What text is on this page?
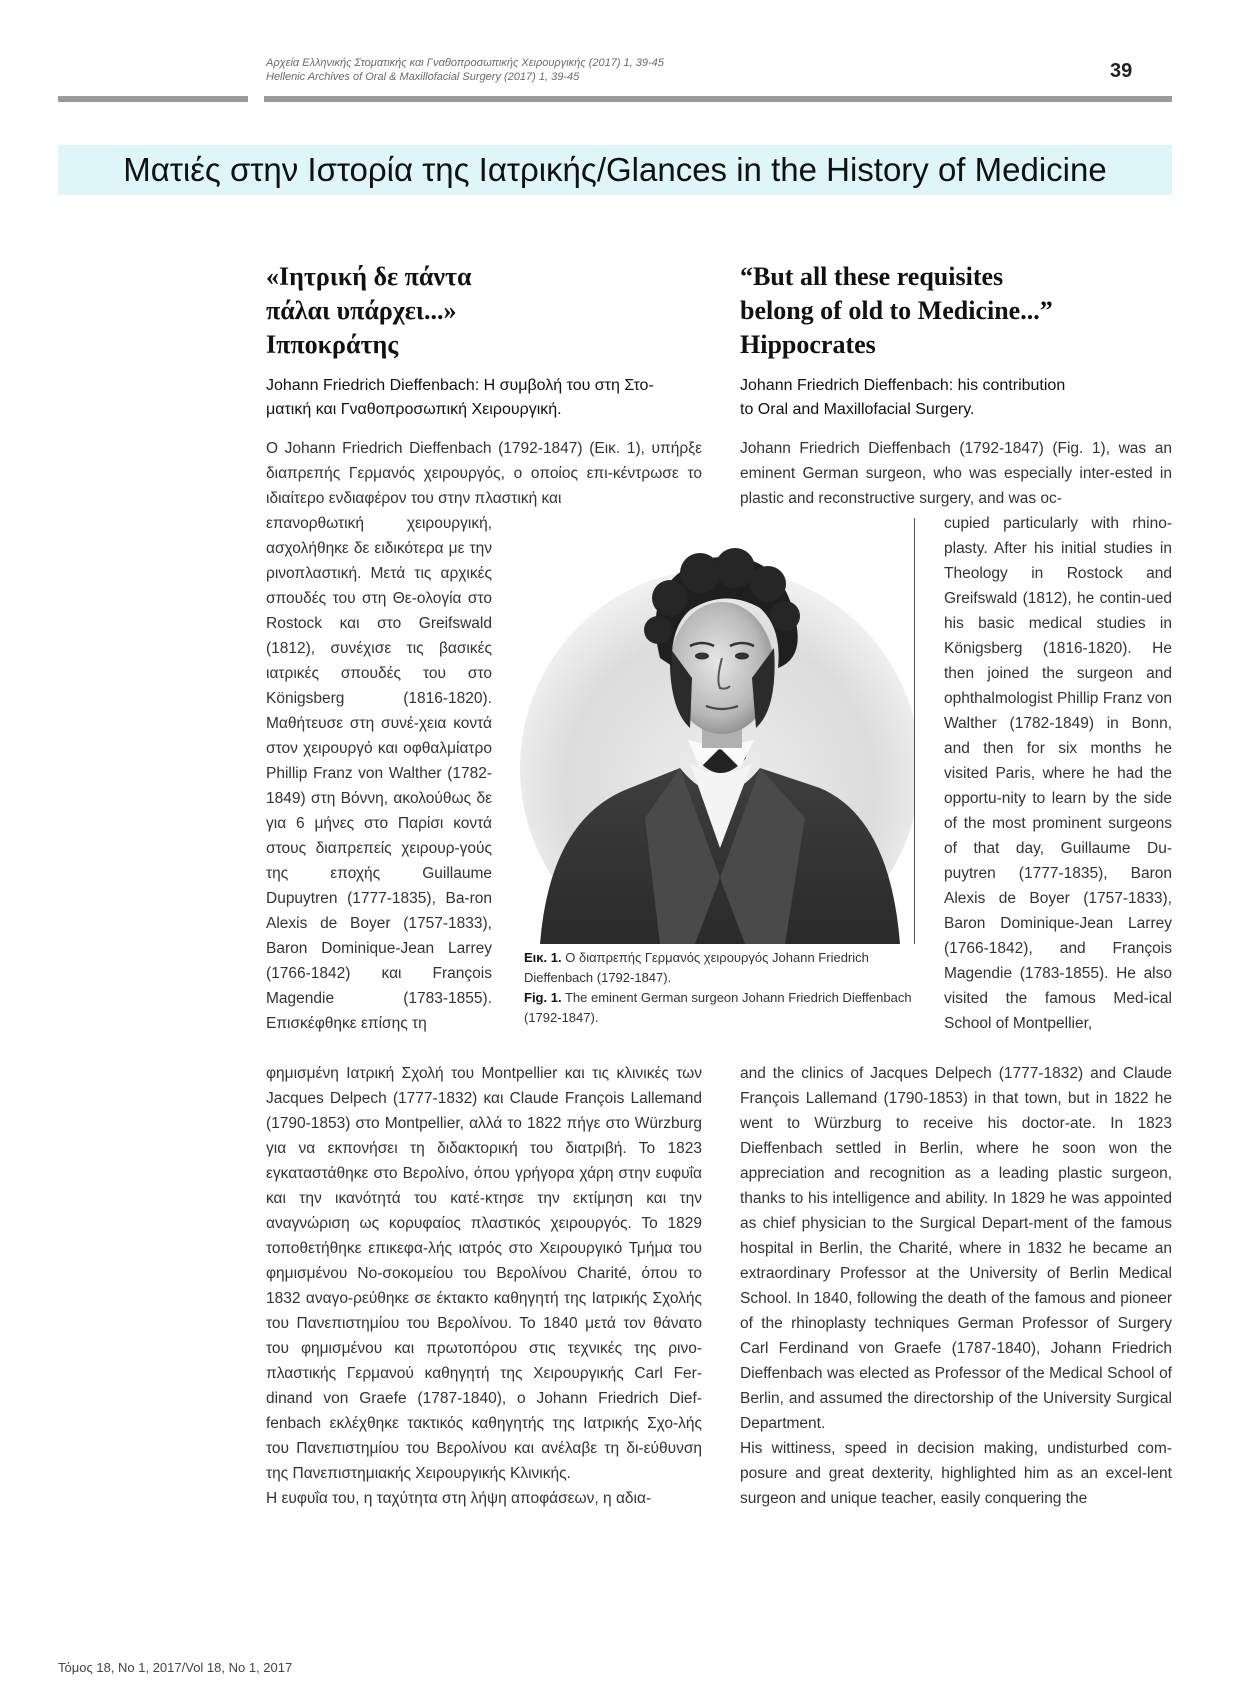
Αρχεία Ελληνικής Στοματικής και Γναθοπροσωπικής Χειρουργικής (2017) 1, 39-45
Hellenic Archives of Oral & Maxillofacial Surgery (2017) 1, 39-45	39
Ματιές στην Ιστορία της Ιατρικής/Glances in the History of Medicine
«Ιητρική δε πάντα
πάλαι υπάρχει...»
Ιπποκράτης
Johann Friedrich Dieffenbach: Η συμβολή του στη Στο-
ματική και Γναθοπροσωπική Χειρουργική.
“But all these requisites
belong of old to Medicine...”
Hippocrates
Johann Friedrich Dieffenbach: his contribution
to Oral and Maxillofacial Surgery.

Ο Johann Friedrich Dieffenbach (1792-1847) (Εικ. 1), υπήρξε διαπρεπής Γερμανός χειρουργός, ο οποίος επι-κέντρωσε το ιδιαίτερο ενδιαφέρον του στην πλαστική και

επανορθωτική χειρουργική, ασχολήθηκε δε ειδικότερα με την ρινοπλαστική. Μετά τις αρχικές σπουδές του στη Θε-ολογία στο Rostock και στο Greifswald (1812), συνέχισε τις βασικές ιατρικές σπουδές του στο Königsberg (1816-1820). Μαθήτευσε στη συνέ-χεια κοντά στον χειρουργό και οφθαλμίατρο Phillip Franz von Walther (1782-1849) στη Βόννη, ακολούθως δε για 6 μήνες στο Παρίσι κοντά στους διαπρεπείς χειρουρ-γούς της εποχής Guillaume Dupuytren (1777-1835), Ba-ron Alexis de Boyer (1757-1833), Baron Dominique-Jean Larrey (1766-1842) και François Magendie (1783-1855). Επισκέφθηκε επίσης τη

φημισμένη Ιατρική Σχολή του Montpellier και τις κλινικές των Jacques Delpech (1777-1832) και Claude François Lallemand (1790-1853) στο Montpellier, αλλά το 1822 πήγε στο Würzburg για να εκπονήσει τη διδακτορική του διατριβή. Το 1823 εγκαταστάθηκε στο Βερολίνο, όπου γρήγορα χάρη στην ευφυΐα και την ικανότητά του κατέ-κτησε την εκτίμηση και την αναγνώριση ως κορυφαίος πλαστικός χειρουργός. Το 1829 τοποθετήθηκε επικεφα-λής ιατρός στο Χειρουργικό Τμήμα του φημισμένου Νο-σοκομείου του Βερολίνου Charité, όπου το 1832 αναγο-ρεύθηκε σε έκτακτο καθηγητή της Ιατρικής Σχολής του Πανεπιστημίου του Βερολίνου. Το 1840 μετά τον θάνατο του φημισμένου και πρωτοπόρου στις τεχνικές της ρινο-πλαστικής Γερμανού καθηγητή της Χειρουργικής Carl Fer-dinand von Graefe (1787-1840), ο Johann Friedrich Dief-fenbach εκλέχθηκε τακτικός καθηγητής της Ιατρικής Σχο-λής του Πανεπιστημίου του Βερολίνου και ανέλαβε τη δι-εύθυνση της Πανεπιστημιακής Χειρουργικής Κλινικής.

Η ευφυΐα του, η ταχύτητα στη λήψη αποφάσεων, η αδια-

Johann Friedrich Dieffenbach (1792-1847) (Fig. 1), was an eminent German surgeon, who was especially inter-ested in plastic and reconstructive surgery, and was oc-

cupied particularly with rhino-plasty. After his initial studies in Theology in Rostock and Greifswald (1812), he contin-ued his basic medical studies in Königsberg (1816-1820). He then joined the surgeon and ophthalmologist Phillip Franz von Walther (1782-1849) in Bonn, and then for six months he visited Paris, where he had the opportu-nity to learn by the side of the most prominent surgeons of that day, Guillaume Du-puytren (1777-1835), Baron Alexis de Boyer (1757-1833), Baron Dominique-Jean Larrey (1766-1842), and François Magendie (1783-1855). He also visited the famous Med-ical School of Montpellier,

and the clinics of Jacques Delpech (1777-1832) and Claude François Lallemand (1790-1853) in that town, but in 1822 he went to Würzburg to receive his doctor-ate. In 1823 Dieffenbach settled in Berlin, where he soon won the appreciation and recognition as a leading plastic surgeon, thanks to his intelligence and ability. In 1829 he was appointed as chief physician to the Surgical Depart-ment of the famous hospital in Berlin, the Charité, where in 1832 he became an extraordinary Professor at the University of Berlin Medical School. In 1840, following the death of the famous and pioneer of the rhinoplasty techniques German Professor of Surgery Carl Ferdinand von Graefe (1787-1840), Johann Friedrich Dieffenbach was elected as Professor of the Medical School of Berlin, and assumed the directorship of the University Surgical Department.

His wittiness, speed in decision making, undisturbed com-posure and great dexterity, highlighted him as an excel-lent surgeon and unique teacher, easily conquering the

Εικ. 1. Ο διαπρεπής Γερμανός χειρουργός Johann Friedrich Dieffenbach (1792-1847).
Fig. 1. The eminent German surgeon Johann Friedrich Dieffenbach (1792-1847).
Τόμος 18, Νο 1, 2017/Vol 18, No 1, 2017
